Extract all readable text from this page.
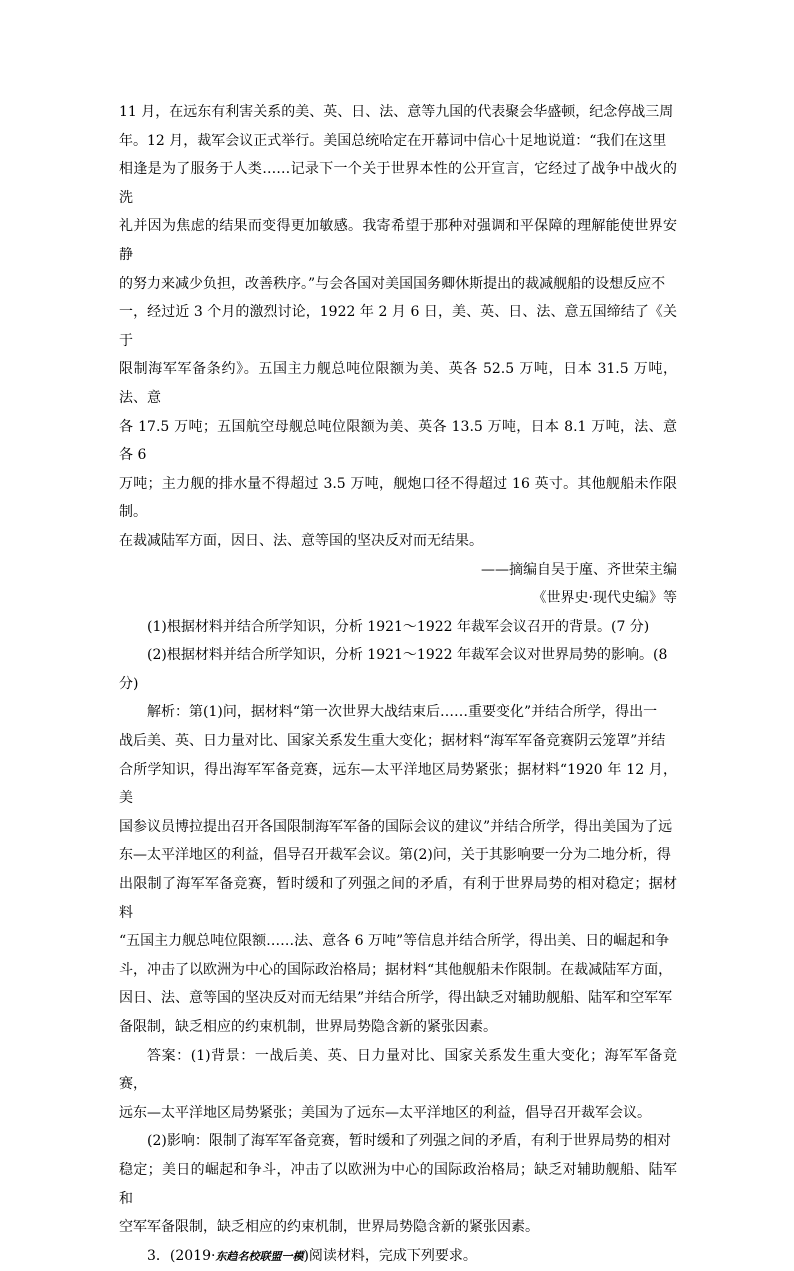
11 月，在远东有利害关系的美、英、日、法、意等九国的代表聚会华盛顿，纪念停战三周

年。12 月，裁军会议正式举行。美国总统哈定在开幕词中信心十足地说道：“我们在这里

相逢是为了服务于人类……记录下一个关于世界本性的公开宣言，它经过了战争中战火的洗

礼并因为焦虑的结果而变得更加敏感。我寄希望于那种对强调和平保障的理解能使世界安静

的努力来减少负担，改善秩序。”与会各国对美国国务卿休斯提出的裁减舰船的设想反应不

一，经过近 3 个月的激烈讨论，1922 年 2 月 6 日，美、英、日、法、意五国缔结了《关于

限制海军军备条约》。五国主力舰总吨位限额为美、英各 52.5 万吨，日本 31.5 万吨，法、意

各 17.5 万吨；五国航空母舰总吨位限额为美、英各 13.5 万吨，日本 8.1 万吨，法、意各 6

万吨；主力舰的排水量不得超过 3.5 万吨，舰炮口径不得超过 16 英寸。其他舰船未作限制。

在裁减陆军方面，因日、法、意等国的坚决反对而无结果。

——摘编自吴于廑、齐世荣主编

《世界史·现代史编》等

(1)根据材料并结合所学知识，分析 1921～1922 年裁军会议召开的背景。(7 分)

(2)根据材料并结合所学知识，分析 1921～1922 年裁军会议对世界局势的影响。(8 分)

解析：第(1)问，据材料“第一次世界大战结束后……重要变化”并结合所学，得出一

战后美、英、日力量对比、国家关系发生重大变化；据材料“海军军备竞赛阴云笼罩”并结

合所学知识，得出海军军备竞赛，远东—太平洋地区局势紧张；据材料“1920 年 12 月，美

国参议员博拉提出召开各国限制海军军备的国际会议的建议”并结合所学，得出美国为了远

东—太平洋地区的利益，倡导召开裁军会议。第(2)问，关于其影响要一分为二地分析，得

出限制了海军军备竞赛，暂时缓和了列强之间的矛盾，有利于世界局势的相对稳定；据材料

“五国主力舰总吨位限额……法、意各 6 万吨”等信息并结合所学，得出美、日的崛起和争

斗，冲击了以欧洲为中心的国际政治格局；据材料“其他舰船未作限制。在裁减陆军方面，

因日、法、意等国的坚决反对而无结果”并结合所学，得出缺乏对辅助舰船、陆军和空军军

备限制，缺乏相应的约束机制，世界局势隐含新的紧张因素。

答案：(1)背景：一战后美、英、日力量对比、国家关系发生重大变化；海军军备竞赛，

远东—太平洋地区局势紧张；美国为了远东—太平洋地区的利益，倡导召开裁军会议。

(2)影响：限制了海军军备竞赛，暂时缓和了列强之间的矛盾，有利于世界局势的相对

稳定；美日的崛起和争斗，冲击了以欧洲为中心的国际政治格局；缺乏对辅助舰船、陆军和

空军军备限制，缺乏相应的约束机制，世界局势隐含新的紧张因素。

3．(2019·东趋名校联盟一模)阅读材料，完成下列要求。
